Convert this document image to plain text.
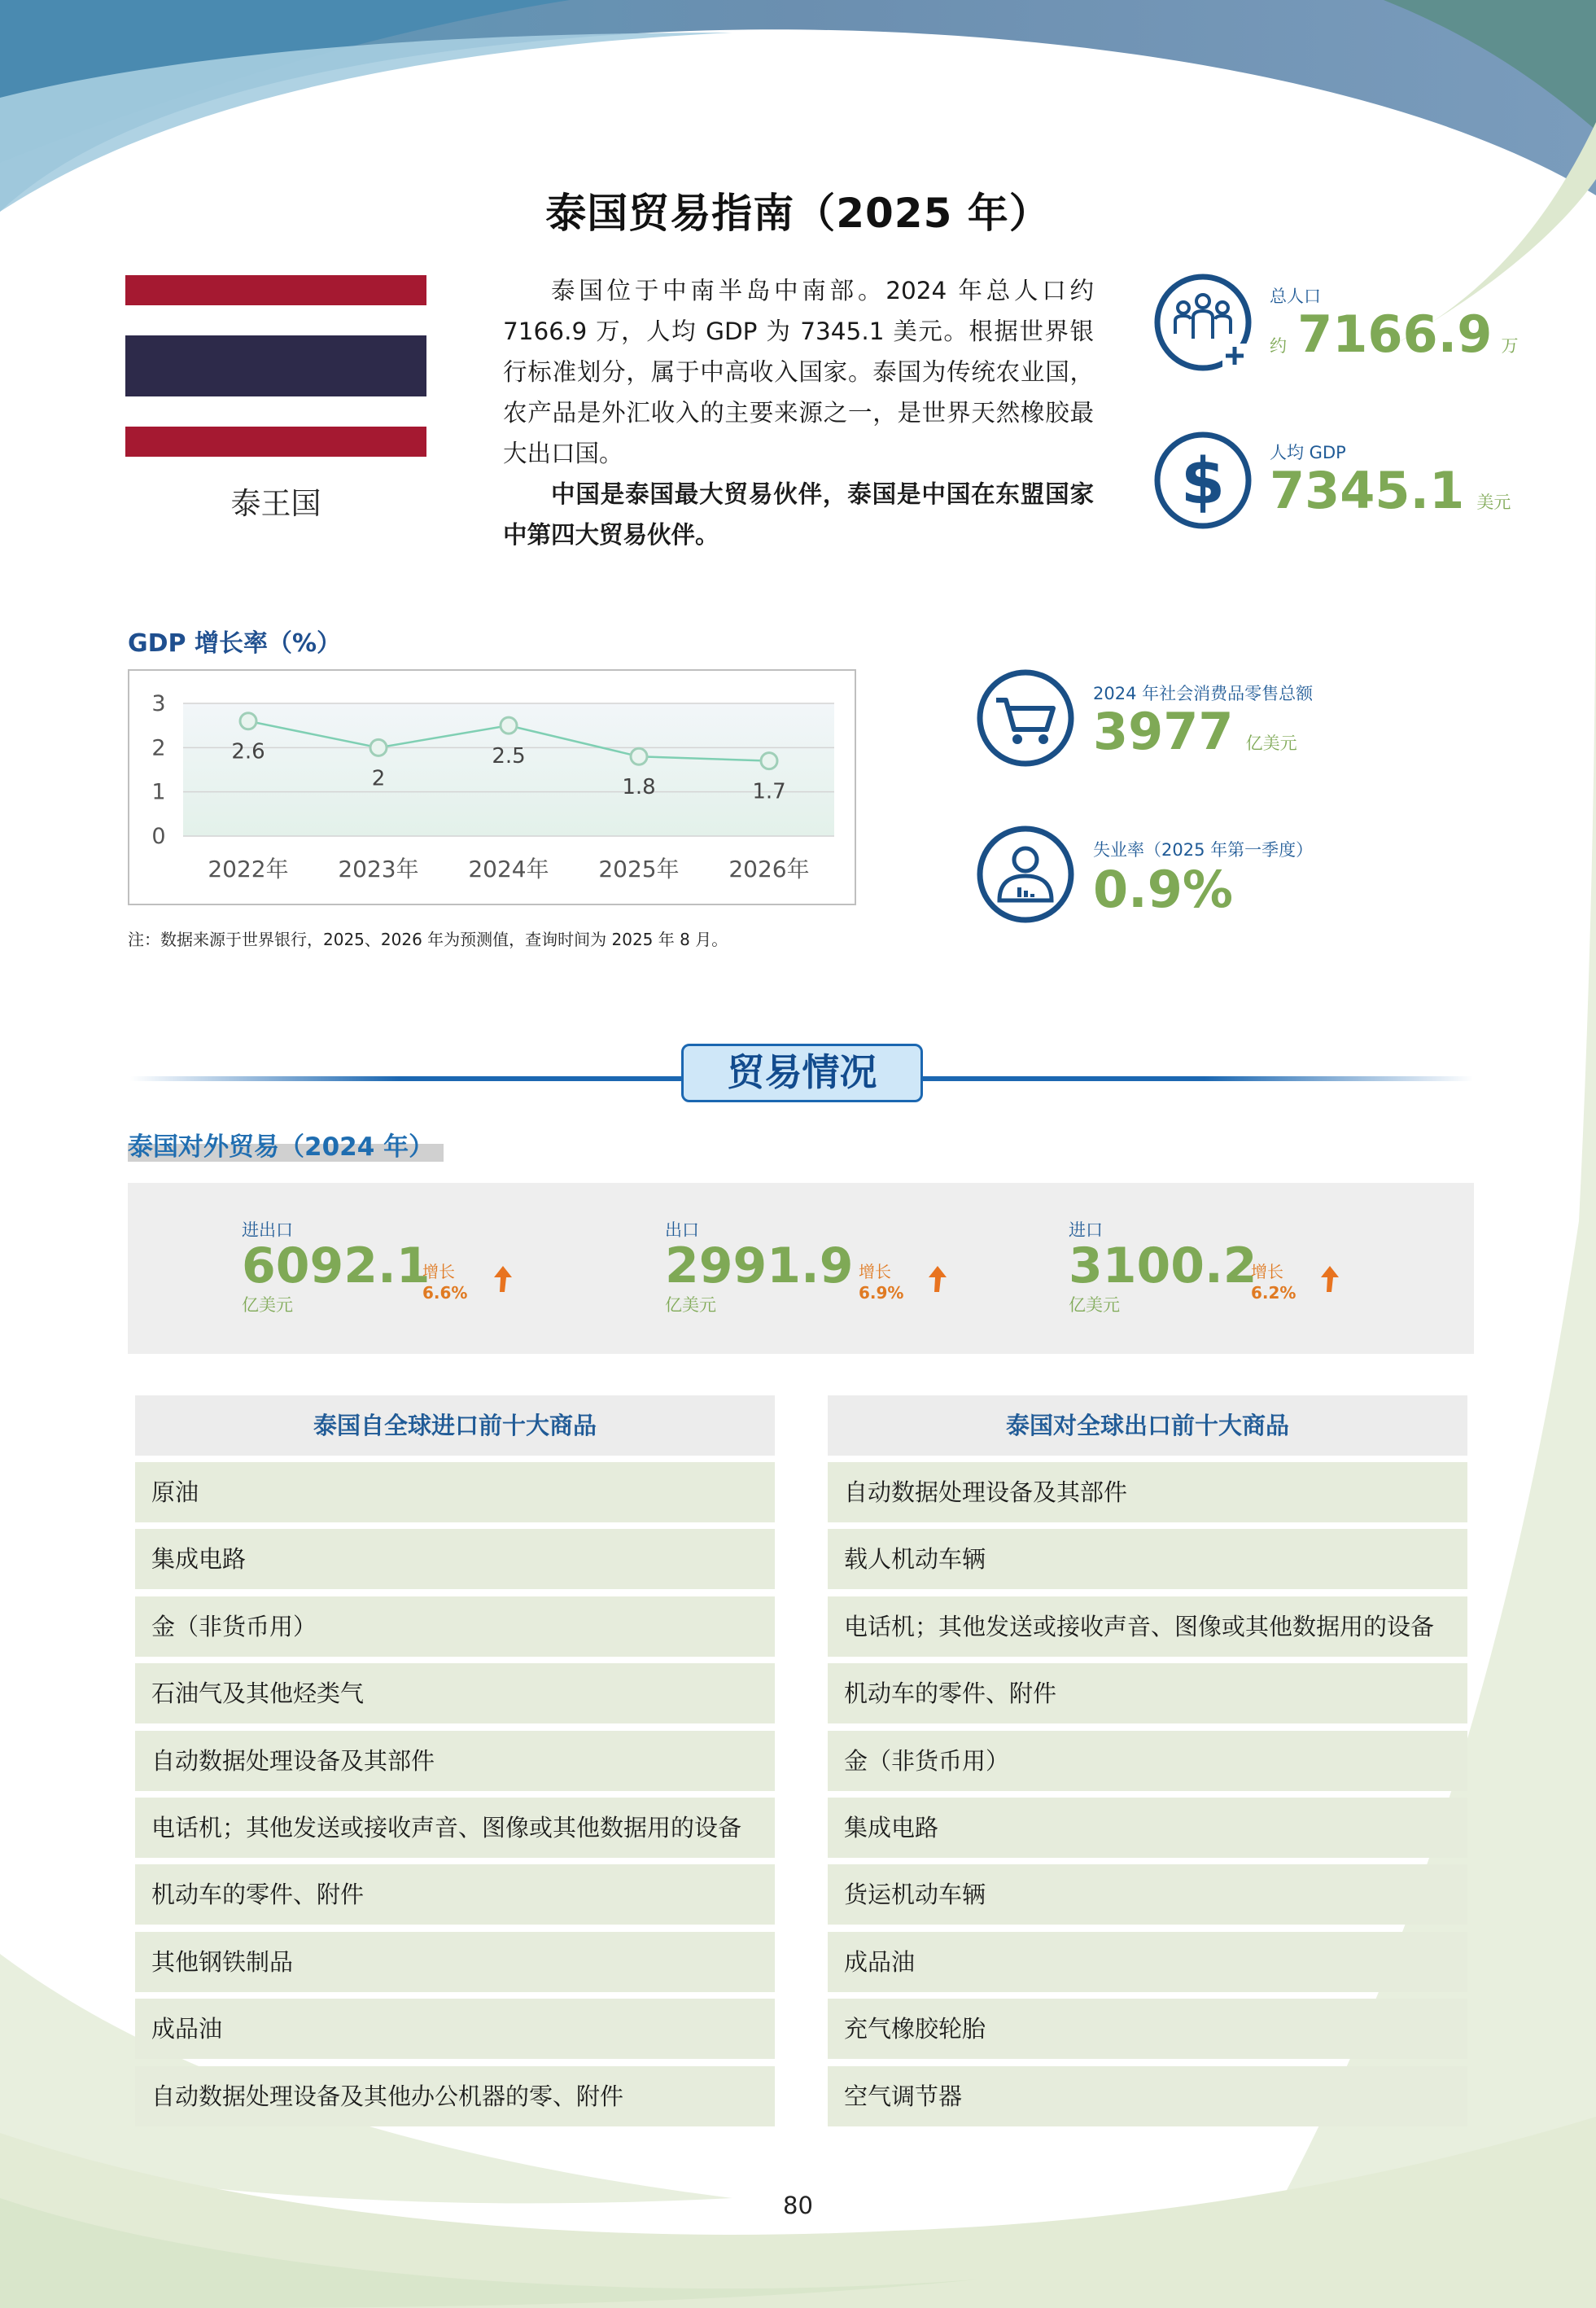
泰国贸易指南（2025 年）
泰王国

泰国位于中南半岛中南部。2024 年总人口约 7166.9 万，人均 GDP 为 7345.1 美元。根据世界银行标准划分，属于中高收入国家。泰国为传统农业国，农产品是外汇收入的主要来源之一，是世界天然橡胶最大出口国。

中国是泰国最大贸易伙伴，泰国是中国在东盟国家中第四大贸易伙伴。

总人口
约 7166.9 万
$	人均 GDP
7345.1 美元
GDP 增长率（%）
3
2
1
0
2.6
2022年
2
2023年
2.5
2024年
1.8
2025年
1.7
2026年
注：数据来源于世界银行，2025、2026 年为预测值，查询时间为 2025 年 8 月。
2024 年社会消费品零售总额
3977 亿美元
失业率（2025 年第一季度）
0.9%
贸易情况
泰国对外贸易（2024 年）
进出口
6092.1
亿美元
增长
6.6%
出口
2991.9
亿美元
增长
6.9%
进口
3100.2
亿美元
增长
6.2%
泰国自全球进口前十大商品
原油
集成电路
金（非货币用）
石油气及其他烃类气
自动数据处理设备及其部件
电话机；其他发送或接收声音、图像或其他数据用的设备
机动车的零件、附件
其他钢铁制品
成品油
自动数据处理设备及其他办公机器的零、附件
泰国对全球出口前十大商品
自动数据处理设备及其部件
载人机动车辆
电话机；其他发送或接收声音、图像或其他数据用的设备
机动车的零件、附件
金（非货币用）
集成电路
货运机动车辆
成品油
充气橡胶轮胎
空气调节器
80
